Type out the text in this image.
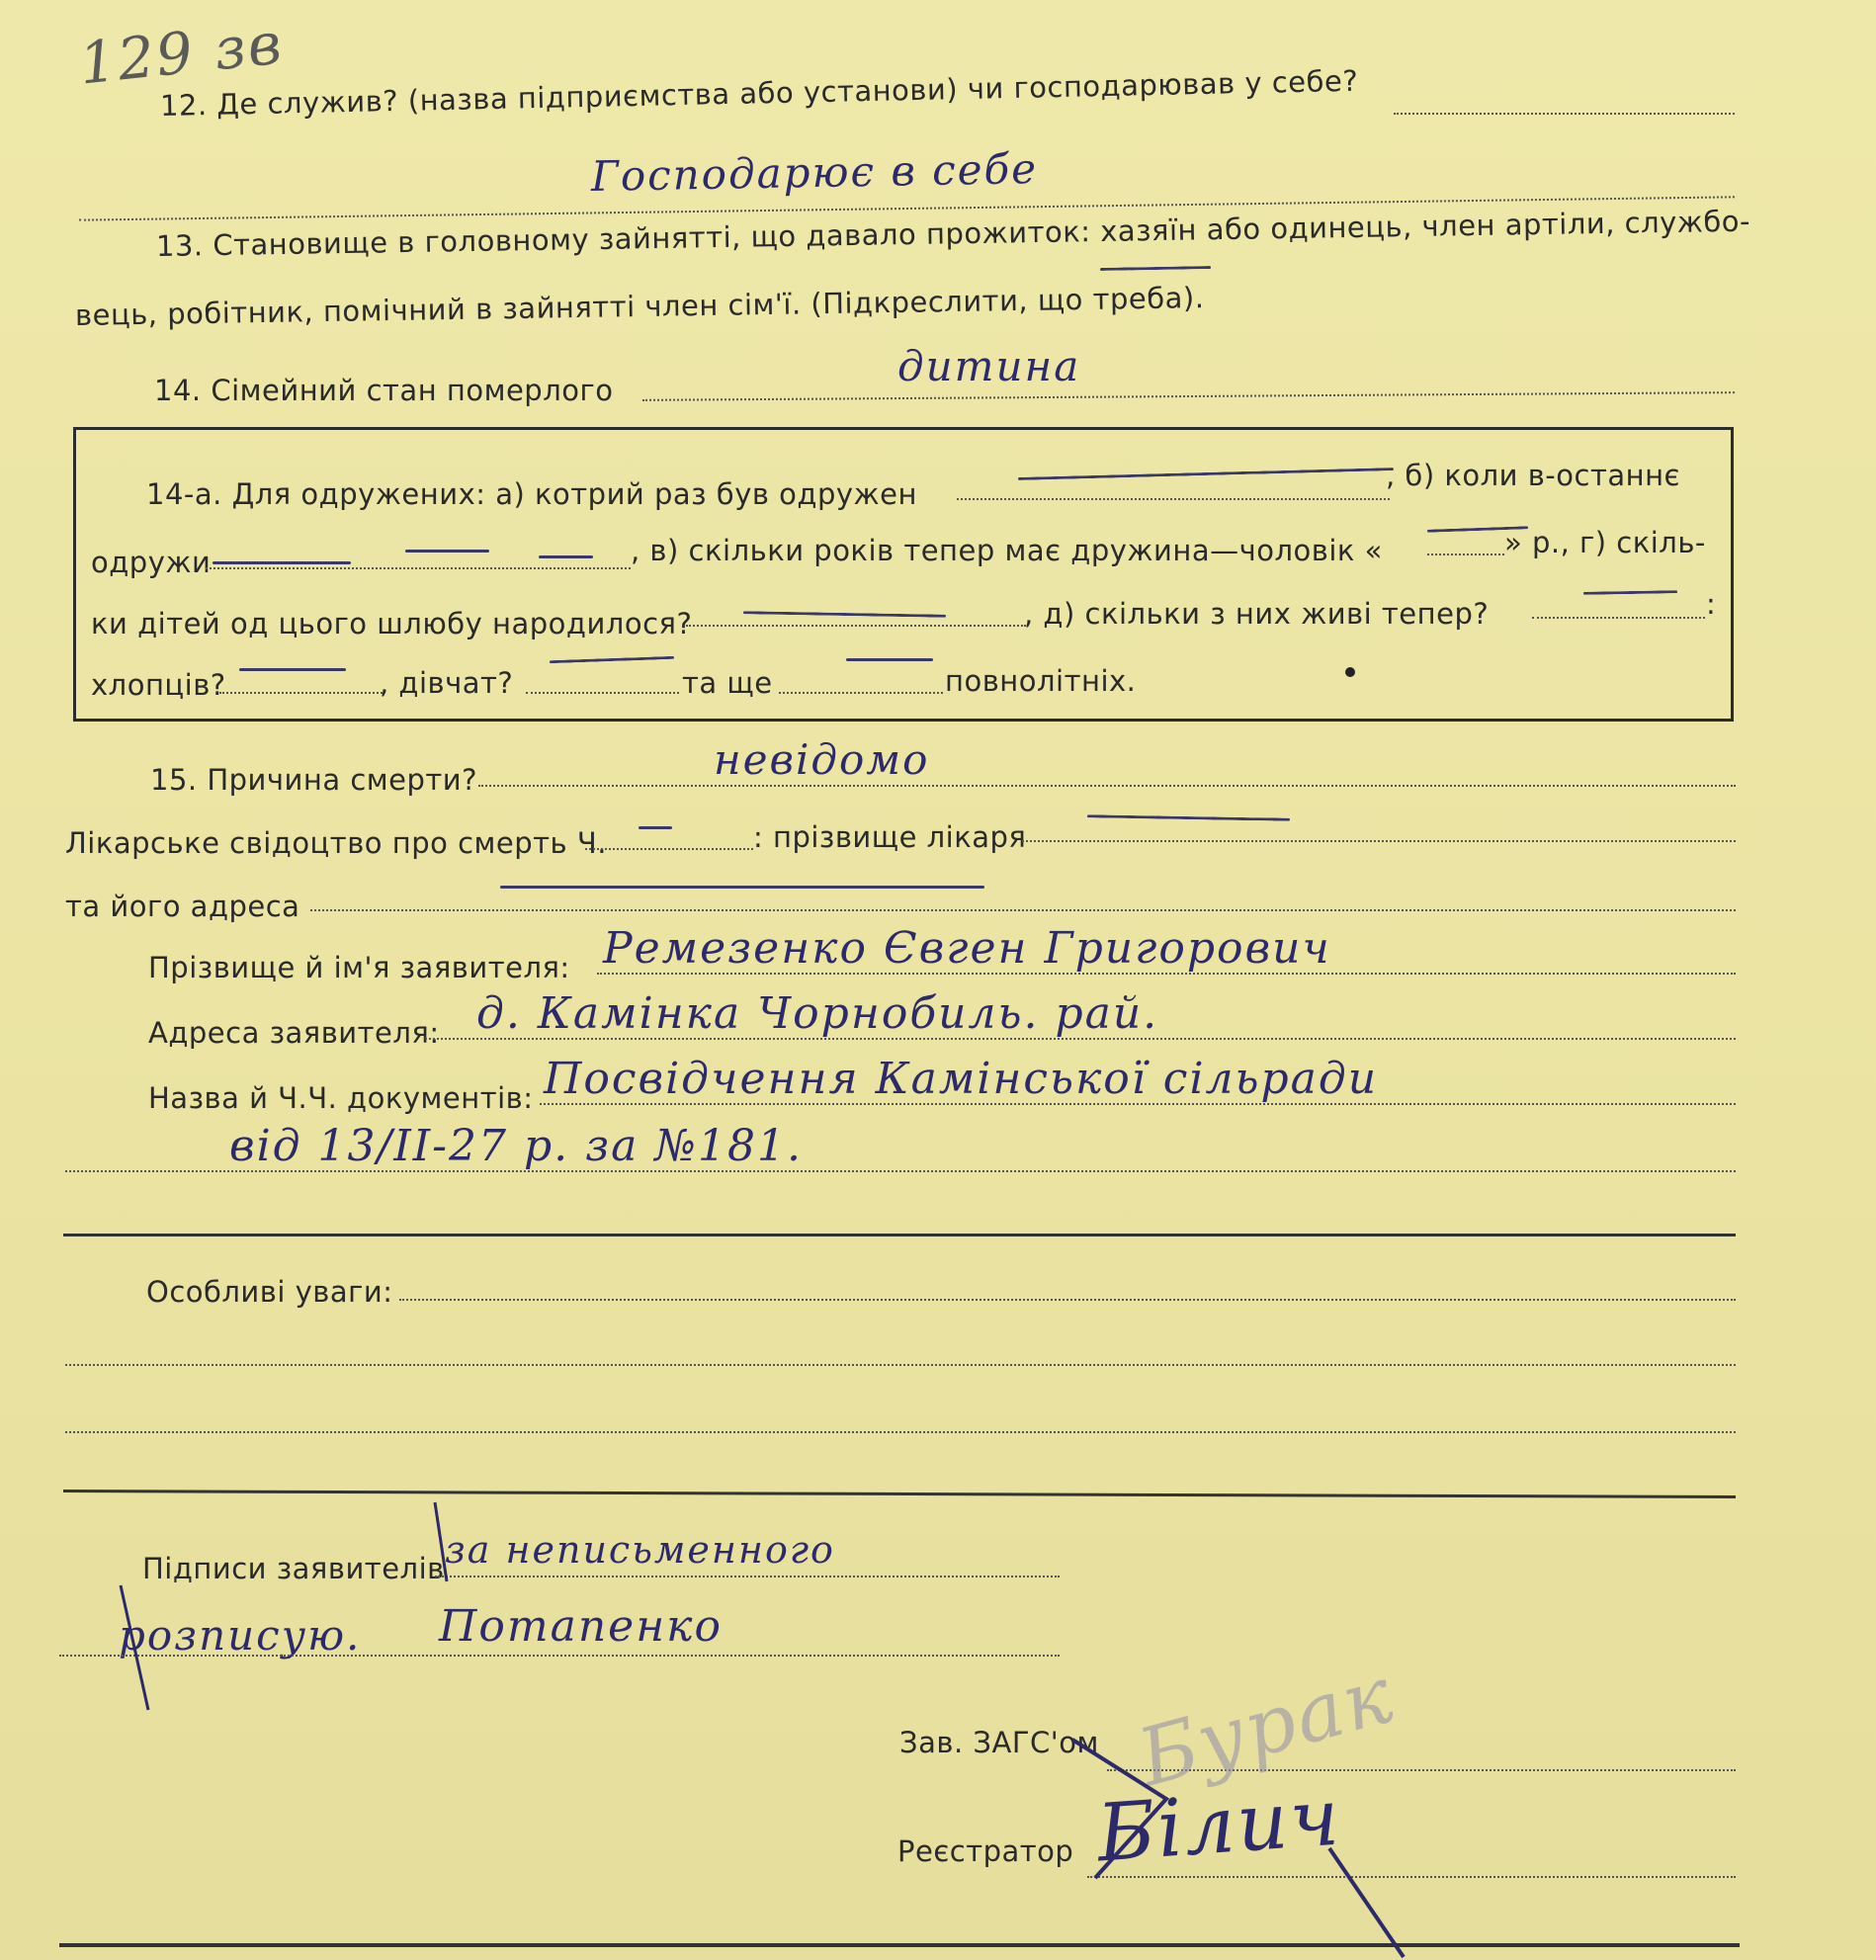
129 зв
12. Де служив? (назва підприємства або установи) чи господарював у себе?
Господарює в себе
13. Становище в головному зайнятті, що давало прожиток: хазяїн або одинець, член артіли, службо-
вець, робітник, помічний в зайнятті член сім'ї. (Підкреслити, що треба).
14. Сімейний стан померлого	дитина
14-а. Для одружених: а) котрий раз був одружен
, б) коли в-останнє
одружи	, в) скільки років тепер має дружина—чоловік «	» р., г) скіль-
ки дітей од цього шлюбу народилося?	, д) скільки з них живі тепер?	:
хлопців?	, дівчат?	та ще	повнолітніх.
15. Причина смерти?	невідомо
Лікарське свідоцтво про смерть Ч.	: прізвище лікаря
та його адреса
Прізвище й ім'я заявителя: Ремезенко Євген Григорович
Адреса заявителя: д. Камінка Чорнобиль. рай.
Назва й Ч.Ч. документів: Посвідчення Камінської сільради
від 13/II-27 р. за №181.
Особливі уваги:
Підписи заявителів за неписьменного
розписую. Потапенко
Зав. ЗАГС'ом Бурак
Реєстратор Білич
